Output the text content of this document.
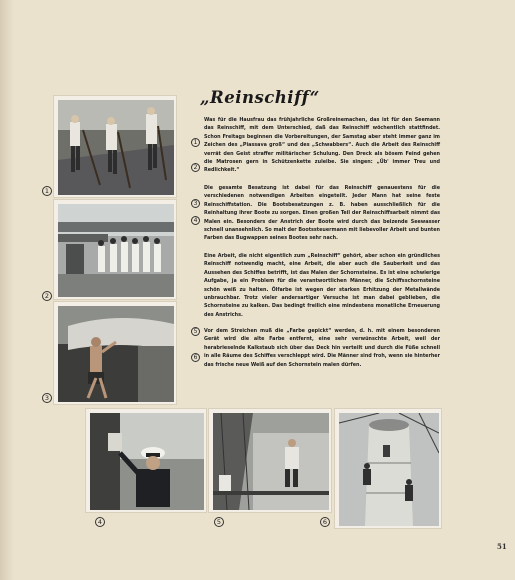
1
2
3
4	5	6
1
2
3
4
5
6
„Reinschiff“
Was für die Hausfrau das frühjahrliche Großreinemachen, das ist für den Seemann das Reinschiff, mit dem Unterschied, daß das Reinschiff wöchentlich stattfindet. Schon Freitags beginnen die Vorbereitungen, der Samstag aber steht immer ganz im Zeichen des „Piassava groß“ und des „Schwabbers“. Auch die Arbeit des Reinschiff verrät den Geist straffer militärischer Schulung. Den Dreck als bösem Feind gehen die Matrosen gern in Schützenkette zuleibe. Sie singen: „Üb' immer Treu und Redlichkeit.“
Die gesamte Besatzung ist dabei für das Reinschiff genauestens für die verschiedenen notwendigen Arbeiten eingeteilt. Jeder Mann hat seine feste Reinschiffstation. Die Bootsbesatzungen z. B. haben ausschließlich für die Reinhaltung ihrer Boote zu sorgen. Einen großen Teil der Reinschiffsarbeit nimmt das Malen ein. Besonders der Anstrich der Boote wird durch das beizende Seewasser schnell unansehnlich. So malt der Bootssteuermann mit liebevoller Arbeit und bunten Farben das Bugwappen seines Bootes sehr nach.
Eine Arbeit, die nicht eigentlich zum „Reinschiff“ gehört, aber schon ein gründliches Reinschiff notwendig macht, eine Arbeit, die aber auch die Sauberkeit und das Aussehen des Schiffes betrifft, ist das Malen der Schornsteine. Es ist eine schwierige Aufgabe, ja ein Problem für die verantwortlichen Männer, die Schiffsschornsteine schön weiß zu halten. Ölfarbe ist wegen der starken Erhitzung der Metallwände unbrauchbar. Trotz vieler andersartiger Versuche ist man dabei geblieben, die Schornsteine zu kalken. Das bedingt freilich eine mindestens monatliche Erneuerung des Anstrichs.
Vor dem Streichen muß die „Farbe gepickt“ werden, d. h. mit einem besonderen Gerät wird die alte Farbe entfernt, eine sehr verwünschte Arbeit, weil der herabrieselnde Kalkstaub sich über das Deck hin verteilt und durch die Füße schnell in alle Räume des Schiffes verschleppt wird. Die Männer sind froh, wenn sie hinterher das frische neue Weiß auf den Schornstein malen dürfen.
51
